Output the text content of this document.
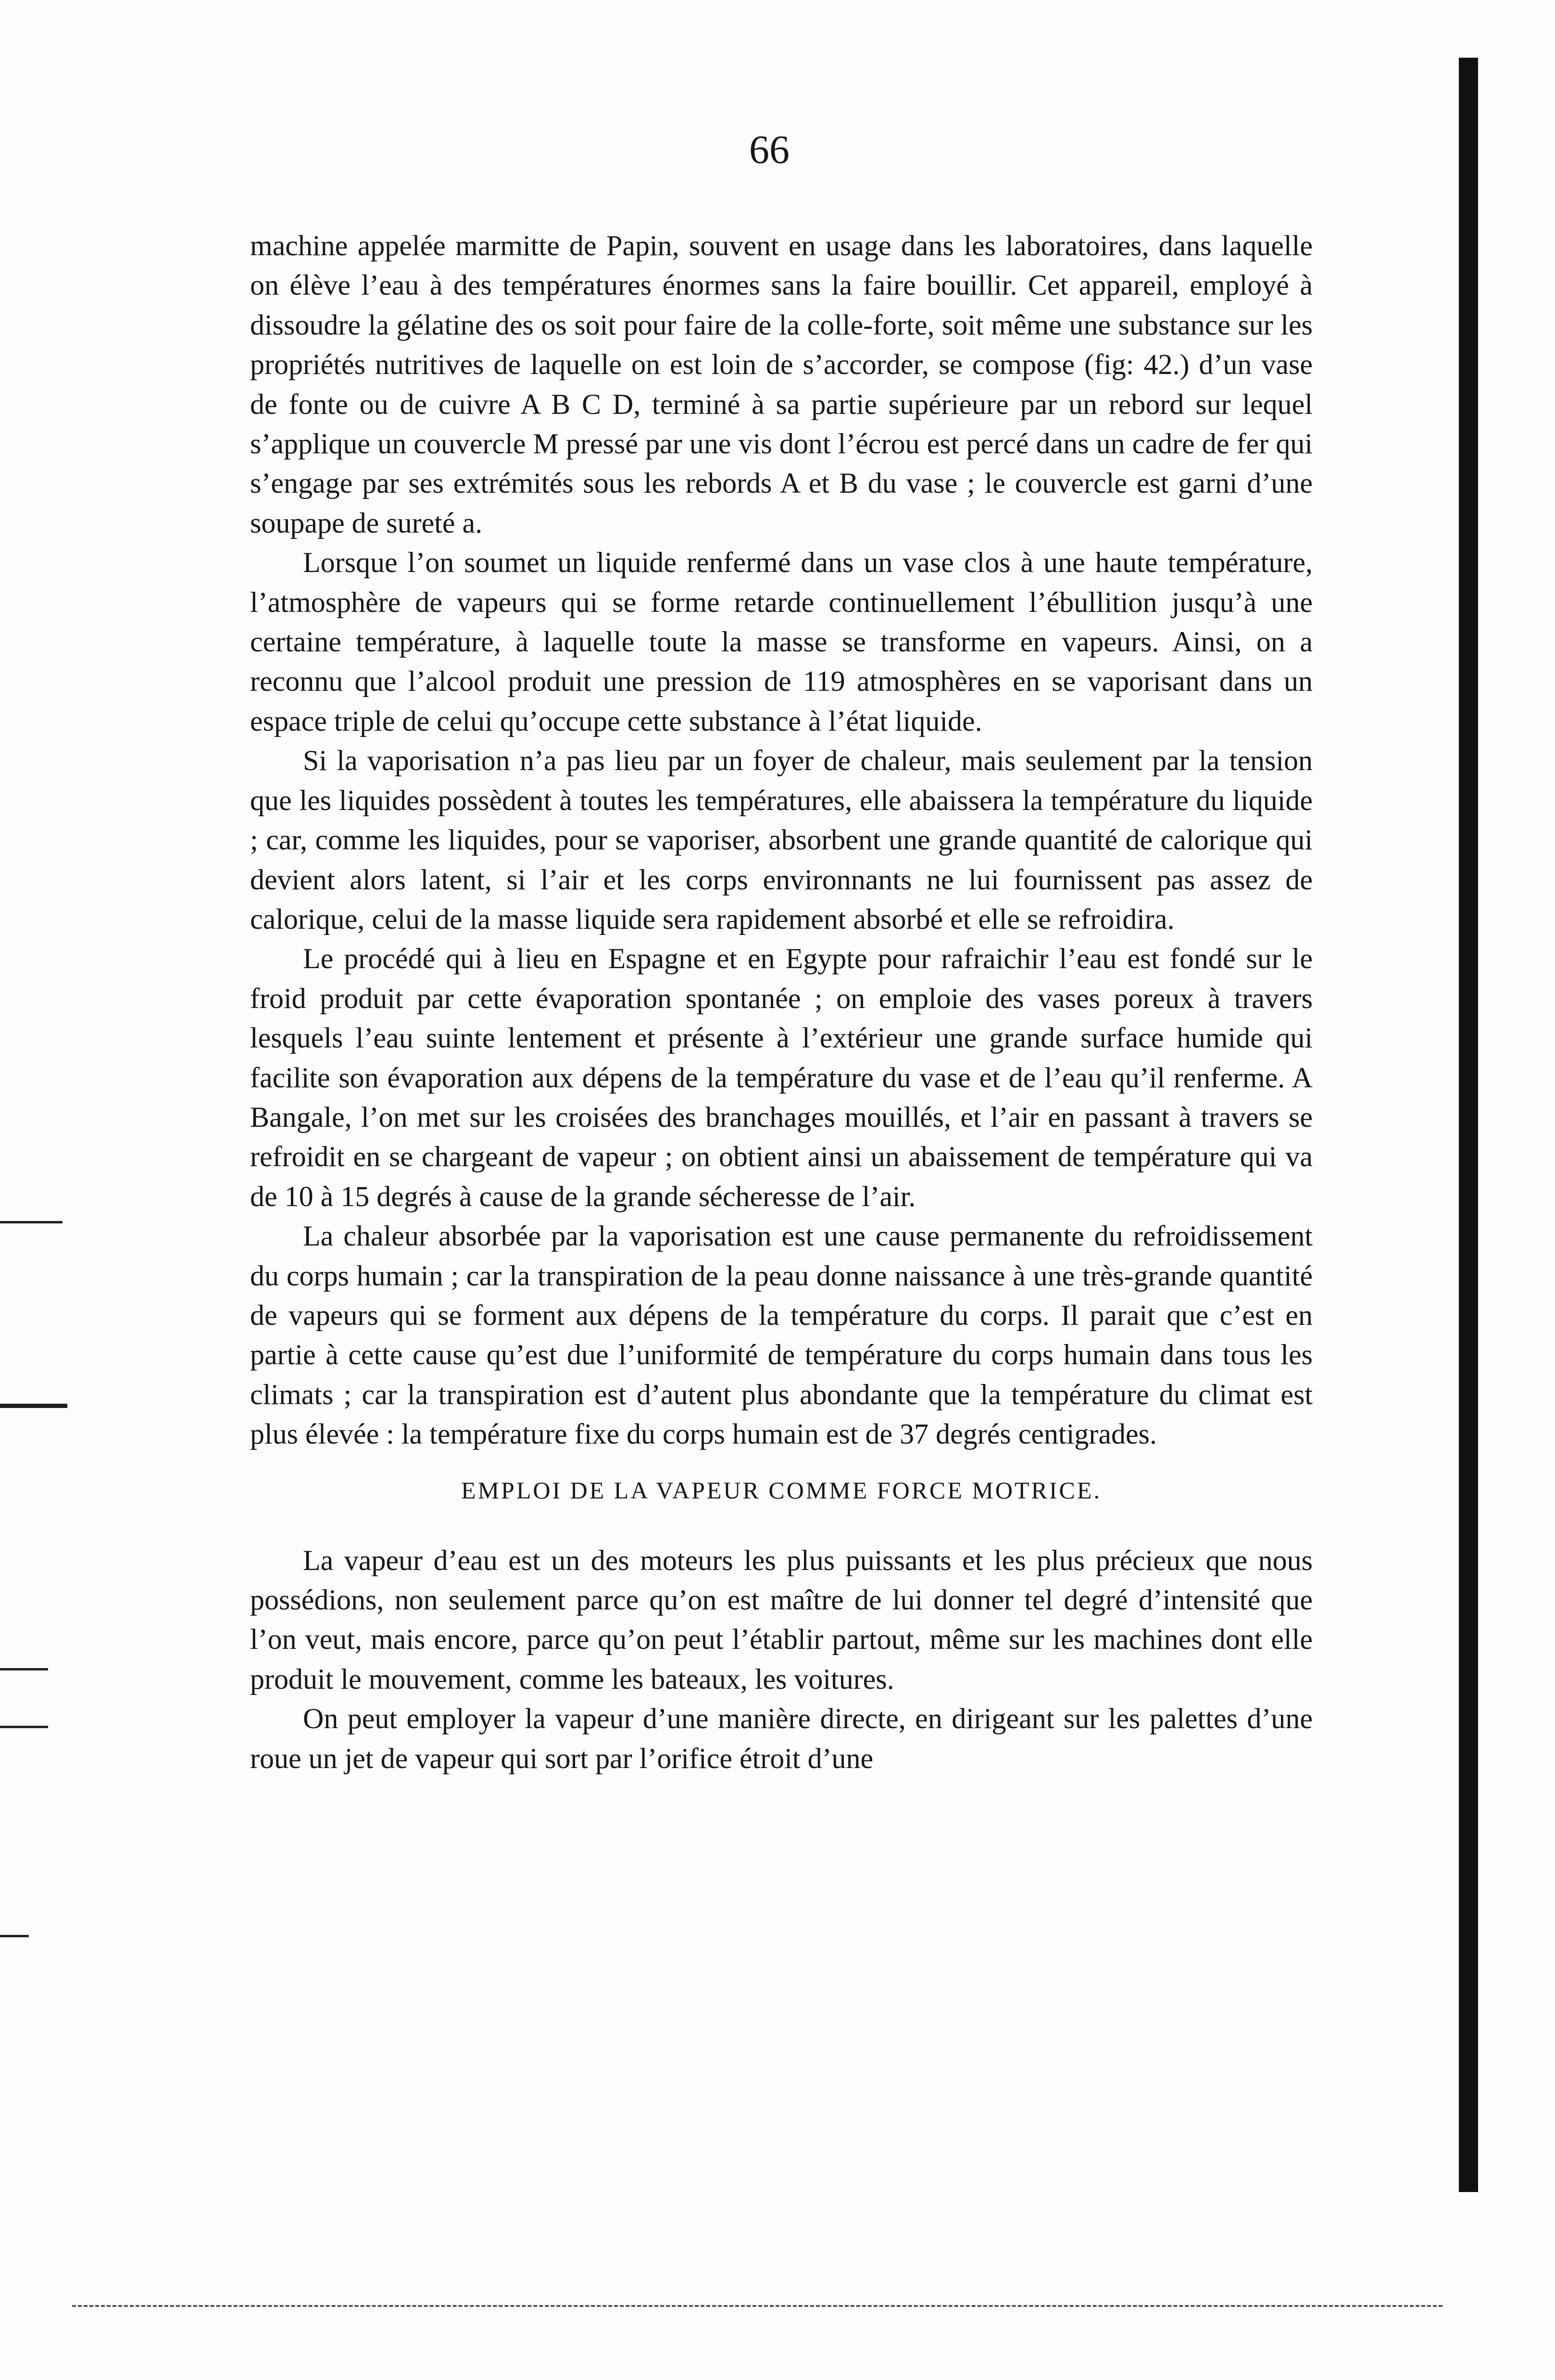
66

machine appelée marmitte de Papin, souvent en usage dans les laboratoires, dans laquelle on élève l’eau à des températures énormes sans la faire bouillir. Cet appareil, employé à dissoudre la gélatine des os soit pour faire de la colle-forte, soit même une substance sur les propriétés nutritives de laquelle on est loin de s’accorder, se compose (fig: 42.) d’un vase de fonte ou de cuivre A B C D, terminé à sa partie supérieure par un rebord sur lequel s’applique un couvercle M pressé par une vis dont l’écrou est percé dans un cadre de fer qui s’engage par ses extrémités sous les rebords A et B du vase ; le couvercle est garni d’une soupape de sureté a.

Lorsque l’on soumet un liquide renfermé dans un vase clos à une haute température, l’atmosphère de vapeurs qui se forme retarde continuellement l’ébullition jusqu’à une certaine température, à laquelle toute la masse se transforme en vapeurs. Ainsi, on a reconnu que l’alcool produit une pression de 119 atmosphères en se vaporisant dans un espace triple de celui qu’occupe cette substance à l’état liquide.

Si la vaporisation n’a pas lieu par un foyer de chaleur, mais seulement par la tension que les liquides possèdent à toutes les températures, elle abaissera la température du liquide ; car, comme les liquides, pour se vaporiser, absorbent une grande quantité de calorique qui devient alors latent, si l’air et les corps environnants ne lui fournissent pas assez de calorique, celui de la masse liquide sera rapidement absorbé et elle se refroidira.

Le procédé qui à lieu en Espagne et en Egypte pour rafraichir l’eau est fondé sur le froid produit par cette évaporation spontanée ; on emploie des vases poreux à travers lesquels l’eau suinte lentement et présente à l’extérieur une grande surface humide qui facilite son évaporation aux dépens de la température du vase et de l’eau qu’il renferme. A Bangale, l’on met sur les croisées des branchages mouillés, et l’air en passant à travers se refroidit en se chargeant de vapeur ; on obtient ainsi un abaissement de température qui va de 10 à 15 degrés à cause de la grande sécheresse de l’air.

La chaleur absorbée par la vaporisation est une cause permanente du refroidissement du corps humain ; car la transpiration de la peau donne naissance à une très-grande quantité de vapeurs qui se forment aux dépens de la température du corps. Il parait que c’est en partie à cette cause qu’est due l’uniformité de température du corps humain dans tous les climats ; car la transpiration est d’autent plus abondante que la température du climat est plus élevée : la température fixe du corps humain est de 37 degrés centigrades.

EMPLOI DE LA VAPEUR COMME FORCE MOTRICE.

La vapeur d’eau est un des moteurs les plus puissants et les plus précieux que nous possédions, non seulement parce qu’on est maître de lui donner tel degré d’intensité que l’on veut, mais encore, parce qu’on peut l’établir partout, même sur les machines dont elle produit le mouvement, comme les bateaux, les voitures.

On peut employer la vapeur d’une manière directe, en dirigeant sur les palettes d’une roue un jet de vapeur qui sort par l’orifice étroit d’une
